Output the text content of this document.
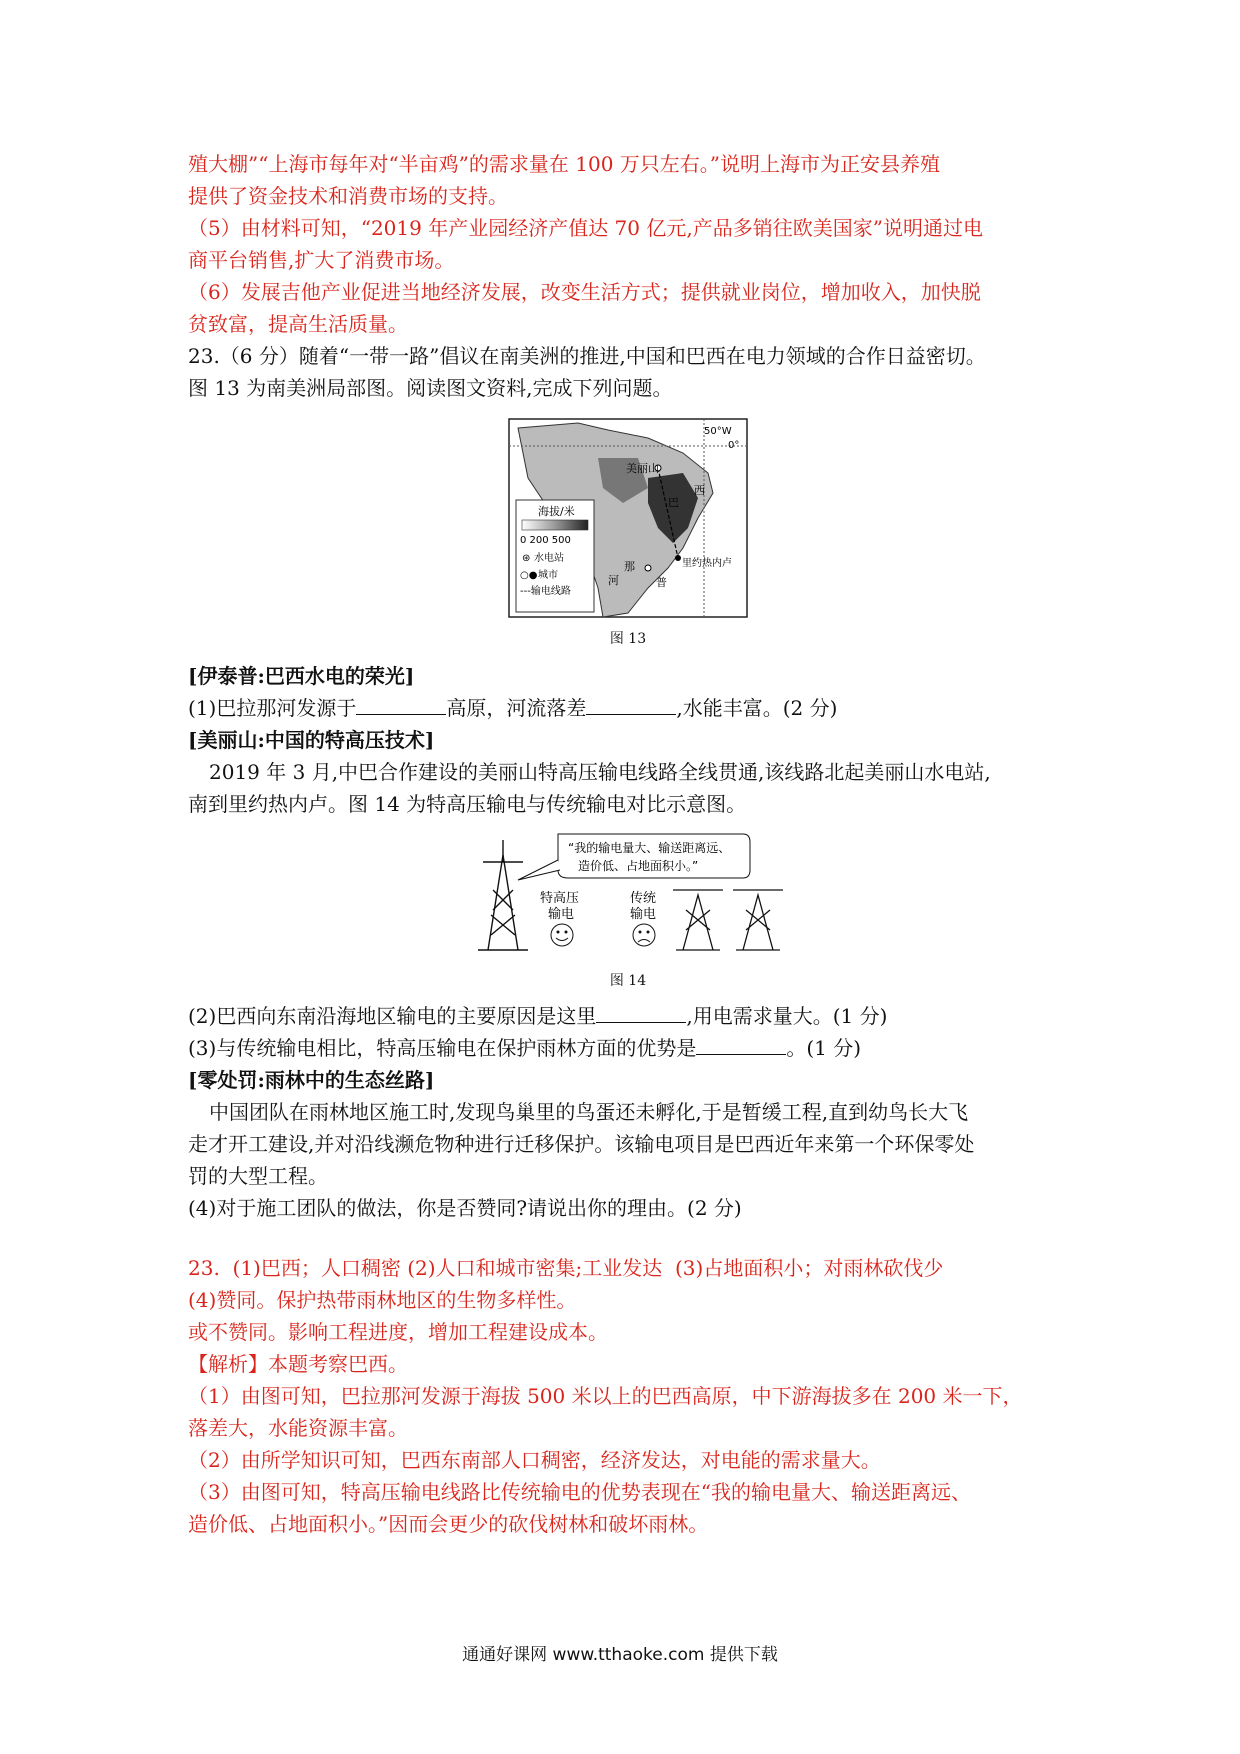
殖大棚”“上海市每年对“半亩鸡”的需求量在 100 万只左右。”说明上海市为正安县养殖

提供了资金技术和消费市场的支持。

（5）由材料可知，“2019 年产业园经济产值达 70 亿元,产品多销往欧美国家”说明通过电

商平台销售,扩大了消费市场。

（6）发展吉他产业促进当地经济发展，改变生活方式；提供就业岗位，增加收入，加快脱

贫致富，提高生活质量。

23.（6 分）随着“一带一路”倡议在南美洲的推进,中国和巴西在电力领域的合作日益密切。

图 13 为南美洲局部图。阅读图文资料,完成下列问题。

海拔/米
0 200 500
⊛ 水电站
○● 城市
---输电线路
50°W
0°
美丽山
巴
西
那
河	普
里约热内卢
图 13

[伊泰普:巴西水电的荣光]

(1)巴拉那河发源于	高原，河流落差	,水能丰富。(2 分)

[美丽山:中国的特高压技术]

2019 年 3 月,中巴合作建设的美丽山特高压输电线路全线贯通,该线路北起美丽山水电站,

南到里约热内卢。图 14 为特高压输电与传统输电对比示意图。

“我的输电量大、输送距离远、
造价低、占地面积小。”
特高压
输电
传统
输电
图 14

(2)巴西向东南沿海地区输电的主要原因是这里	,用电需求量大。(1 分)

(3)与传统输电相比，特高压输电在保护雨林方面的优势是	。(1 分)

[零处罚:雨林中的生态丝路]

中国团队在雨林地区施工时,发现鸟巢里的鸟蛋还未孵化,于是暂缓工程,直到幼鸟长大飞

走才开工建设,并对沿线濒危物种进行迁移保护。该输电项目是巴西近年来第一个环保零处

罚的大型工程。

(4)对于施工团队的做法，你是否赞同?请说出你的理由。(2 分)

23.  (1)巴西；人口稠密 (2)人口和城市密集;工业发达  (3)占地面积小；对雨林砍伐少

(4)赞同。保护热带雨林地区的生物多样性。

或不赞同。影响工程进度，增加工程建设成本。

【解析】本题考察巴西。

（1）由图可知，巴拉那河发源于海拔 500 米以上的巴西高原，中下游海拔多在 200 米一下，

落差大，水能资源丰富。

（2）由所学知识可知，巴西东南部人口稠密，经济发达，对电能的需求量大。

（3）由图可知，特高压输电线路比传统输电的优势表现在“我的输电量大、输送距离远、

造价低、占地面积小。”因而会更少的砍伐树林和破坏雨林。

通通好课网 www.tthaoke.com 提供下载
